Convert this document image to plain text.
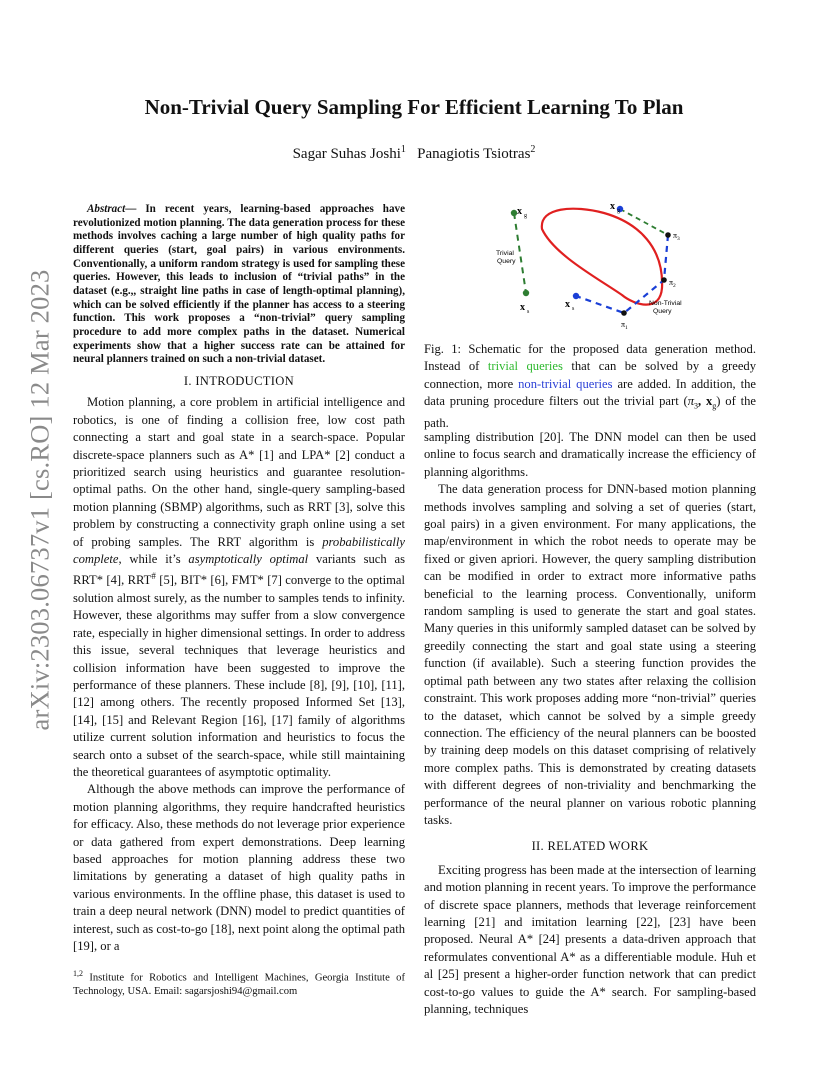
arXiv:2303.06737v1 [cs.RO] 12 Mar 2023
Non-Trivial Query Sampling For Efficient Learning To Plan
Sagar Suhas Joshi$^1$ Panagiotis Tsiotras$^2$

Abstract— In recent years, learning-based approaches have revolutionized motion planning. The data generation process for these methods involves caching a large number of high quality paths for different queries (start, goal pairs) in various environments. Conventionally, a uniform random strategy is used for sampling these queries. However, this leads to inclusion of “trivial paths” in the dataset (e.g.,, straight line paths in case of length-optimal planning), which can be solved efficiently if the planner has access to a steering function. This work proposes a “non-trivial” query sampling procedure to add more complex paths in the dataset. Numerical experiments show that a higher success rate can be attained for neural planners trained on such a non-trivial dataset.

I. INTRODUCTION

Motion planning, a core problem in artificial intelligence and robotics, is one of finding a collision free, low cost path connecting a start and goal state in a search-space. Popular discrete-space planners such as A* [1] and LPA* [2] conduct a prioritized search using heuristics and guarantee resolution-optimal paths. On the other hand, single-query sampling-based motion planning (SBMP) algorithms, such as RRT [3], solve this problem by constructing a connectivity graph online using a set of probing samples. The RRT algorithm is probabilistically complete, while it’s asymptotically optimal variants such as RRT* [4], RRT# [5], BIT* [6], FMT* [7] converge to the optimal solution almost surely, as the number to samples tends to infinity. However, these algorithms may suffer from a slow convergence rate, especially in higher dimensional settings. In order to address this issue, several techniques that leverage heuristics and collision information have been suggested to improve the performance of these planners. These include [8], [9], [10], [11], [12] among others. The recently proposed Informed Set [13], [14], [15] and Relevant Region [16], [17] family of algorithms utilize current solution information and heuristics to focus the search onto a subset of the search-space, while still maintaining the theoretical guarantees of asymptotic optimality.

Although the above methods can improve the performance of motion planning algorithms, they require handcrafted heuristics for efficacy. Also, these methods do not leverage prior experience or data gathered from expert demonstrations. Deep learning based approaches for motion planning address these two limitations by generating a dataset of high quality paths in various environments. In the offline phase, this dataset is used to train a deep neural network (DNN) model to predict quantities of interest, such as cost-to-go [18], next point along the optimal path [19], or a

$^{1,2}$ Institute for Robotics and Intelligent Machines, Georgia Institute of Technology, USA. Email: sagarsjoshi94@gmail.com
Trivial
Query
x g
x s
x g
x s
$\pi_3$
$\pi_2$
$\pi_1$
Non-Trivial
Query
Fig. 1: Schematic for the proposed data generation method. Instead of trivial queries that can be solved by a greedy connection, more non-trivial queries are added. In addition, the data pruning procedure filters out the trivial part ($\pi_3$, $x_g$) of the path.

sampling distribution [20]. The DNN model can then be used online to focus search and dramatically increase the efficiency of planning algorithms.

The data generation process for DNN-based motion planning methods involves sampling and solving a set of queries (start, goal pairs) in a given environment. For many applications, the map/environment in which the robot needs to operate may be fixed or given apriori. However, the query sampling distribution can be modified in order to extract more informative paths beneficial to the learning process. Conventionally, uniform random sampling is used to generate the start and goal states. Many queries in this uniformly sampled dataset can be solved by greedily connecting the start and goal state using a steering function (if available). Such a steering function provides the optimal path between any two states after relaxing the collision constraint. This work proposes adding more “non-trivial” queries to the dataset, which cannot be solved by a simple greedy connection. The efficiency of the neural planners can be boosted by training deep models on this dataset comprising of relatively more complex paths. This is demonstrated by creating datasets with different degrees of non-triviality and benchmarking the performance of the neural planner on various robotic planning tasks.

II. RELATED WORK

Exciting progress has been made at the intersection of learning and motion planning in recent years. To improve the performance of discrete space planners, methods that leverage reinforcement learning [21] and imitation learning [22], [23] have been proposed. Neural A* [24] presents a data-driven approach that reformulates conventional A* as a differentiable module. Huh et al [25] present a higher-order function network that can predict cost-to-go values to guide the A* search. For sampling-based planning, techniques
